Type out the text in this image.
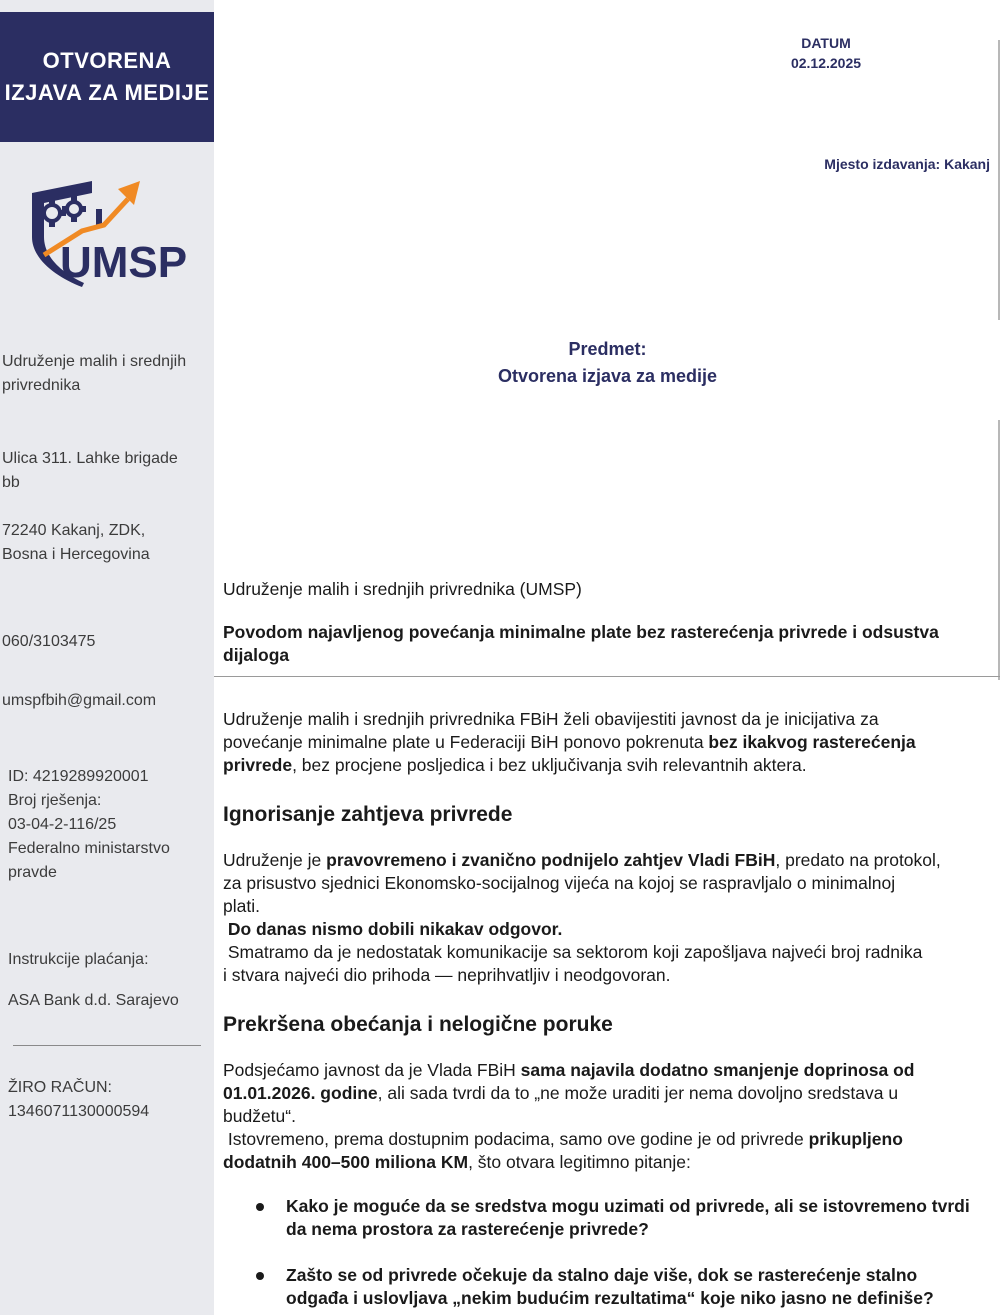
OTVORENA
IZJAVA ZA MEDIJE
UMSP
Udruženje malih i srednjih
privrednika
Ulica 311. Lahke brigade
bb
72240 Kakanj, ZDK,
Bosna i Hercegovina
060/3103475
umspfbih@gmail.com
ID: 4219289920001
Broj rješenja:
03-04-2-116/25
Federalno ministarstvo
pravde
Instrukcije plaćanja:
ASA Bank d.d. Sarajevo
ŽIRO RAČUN:
1346071130000594
DATUM
02.12.2025
Mjesto izdavanja: Kakanj
Predmet:
Otvorena izjava za medije
Udruženje malih i srednjih privrednika (UMSP)
Povodom najavljenog povećanja minimalne plate bez rasterećenja privrede i odsustva
dijaloga
Udruženje malih i srednjih privrednika FBiH želi obavijestiti javnost da je inicijativa za
povećanje minimalne plate u Federaciji BiH ponovo pokrenuta bez ikakvog rasterećenja
privrede, bez procjene posljedica i bez uključivanja svih relevantnih aktera.
Ignorisanje zahtjeva privrede
Udruženje je pravovremeno i zvanično podnijelo zahtjev Vladi FBiH, predato na protokol,
za prisustvo sjednici Ekonomsko-socijalnog vijeća na kojoj se raspravljalo o minimalnoj
plati.
Do danas nismo dobili nikakav odgovor.
Smatramo da je nedostatak komunikacije sa sektorom koji zapošljava najveći broj radnika
i stvara najveći dio prihoda — neprihvatljiv i neodgovoran.
Prekršena obećanja i nelogične poruke
Podsjećamo javnost da je Vlada FBiH sama najavila dodatno smanjenje doprinosa od
01.01.2026. godine, ali sada tvrdi da to „ne može uraditi jer nema dovoljno sredstava u
budžetu“.
Istovremeno, prema dostupnim podacima, samo ove godine je od privrede prikupljeno
dodatnih 400–500 miliona KM, što otvara legitimno pitanje:
Kako je moguće da se sredstva mogu uzimati od privrede, ali se istovremeno tvrdi
da nema prostora za rasterećenje privrede?
Zašto se od privrede očekuje da stalno daje više, dok se rasterećenje stalno
odgađa i uslovljava „nekim budućim rezultatima“ koje niko jasno ne definiše?
